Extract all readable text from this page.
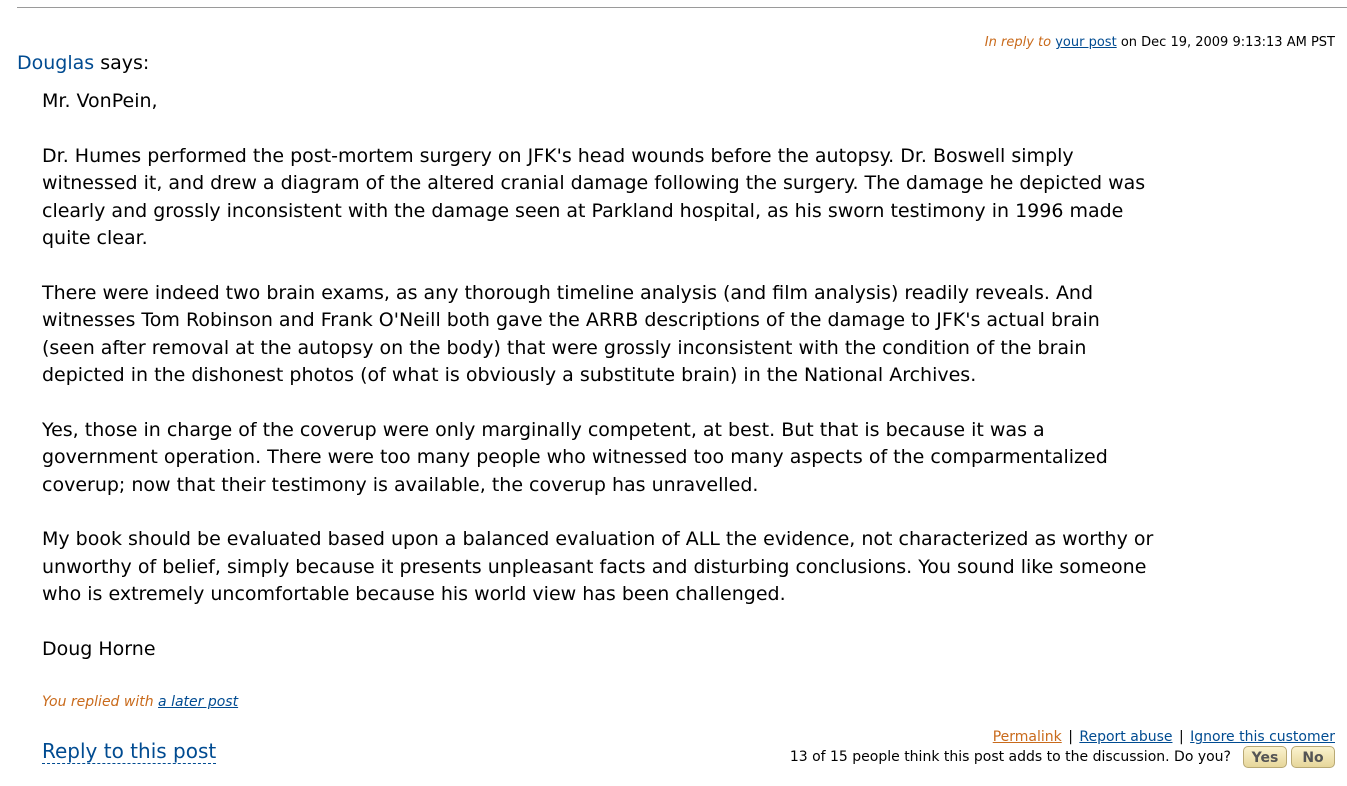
In reply to your post on Dec 19, 2009 9:13:13 AM PST
Douglas says:

Mr. VonPein,

Dr. Humes performed the post-mortem surgery on JFK's head wounds before the autopsy. Dr. Boswell simply witnessed it, and drew a diagram of the altered cranial damage following the surgery. The damage he depicted was clearly and grossly inconsistent with the damage seen at Parkland hospital, as his sworn testimony in 1996 made quite clear.

There were indeed two brain exams, as any thorough timeline analysis (and film analysis) readily reveals. And witnesses Tom Robinson and Frank O'Neill both gave the ARRB descriptions of the damage to JFK's actual brain (seen after removal at the autopsy on the body) that were grossly inconsistent with the condition of the brain depicted in the dishonest photos (of what is obviously a substitute brain) in the National Archives.

Yes, those in charge of the coverup were only marginally competent, at best. But that is because it was a government operation. There were too many people who witnessed too many aspects of the comparmentalized coverup; now that their testimony is available, the coverup has unravelled.

My book should be evaluated based upon a balanced evaluation of ALL the evidence, not characterized as worthy or unworthy of belief, simply because it presents unpleasant facts and disturbing conclusions. You sound like someone who is extremely uncomfortable because his world view has been challenged.

Doug Horne

You replied with a later post
Reply to this post
Permalink | Report abuse | Ignore this customer
13 of 15 people think this post adds to the discussion. Do you?	Yes	No
